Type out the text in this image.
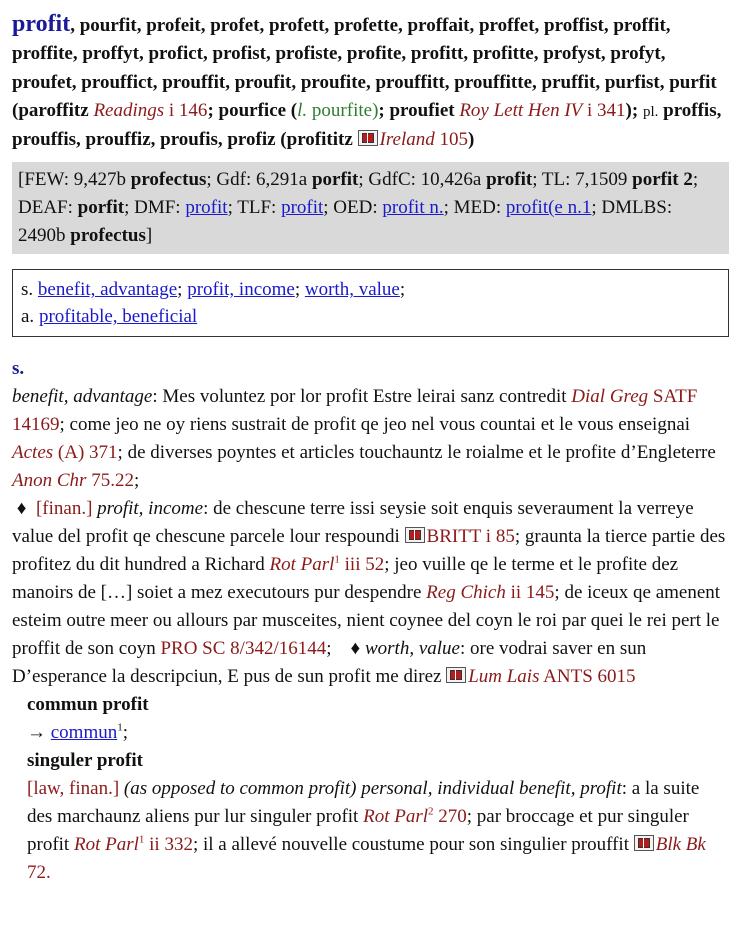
profit, pourfit, profeit, profet, profett, profette, proffait, proffet, proffist, proffit, proffite, proffyt, profict, profist, profiste, profite, profitt, profitte, profyst, profyt, proufet, prouffict, prouffit, proufit, proufite, prouffitt, prouffitte, pruffit, purfist, purfit (paroffitz Readings i 146; pourfice (l. pourfite); proufiet Roy Lett Hen IV i 341); pl. proffis, prouffis, prouffiz, proufis, profiz (profititz Ireland 105)
[FEW: 9,427b profectus; Gdf: 6,291a porfit; GdfC: 10,426a profit; TL: 7,1509 porfit 2; DEAF: porfit; DMF: profit; TLF: profit; OED: profit n.; MED: profit(e n.1; DMLBS: 2490b profectus]
s. benefit, advantage; profit, income; worth, value;
a. profitable, beneficial
s.

benefit, advantage: Mes voluntez por lor profit Estre leirai sanz contredit Dial Greg SATF 14169; come jeo ne oy riens sustrait de profit qe jeo nel vous countai et le vous enseignai Actes (A) 371; de diverses poyntes et articles touchauntz le roialme et le profite d’Engleterre Anon Chr 75.22;

♦ [finan.] profit, income: de chescune terre issi seysie soit enquis severaument la verreye value del profit qe chescune parcele lour respoundi BRITT i 85; graunta la tierce partie des profitez du dit hundred a Richard Rot Parl$^1$ iii 52; jeo vuille qe le terme et le profite dez manoirs de […] soiet a mez executours pur despendre Reg Chich ii 145; de iceux qe amenent esteim outre meer ou allours par musceites, nient coynee del coyn le roi par quei le rei pert le proffit de son coyn PRO SC 8/342/16144; ♦ worth, value: ore vodrai saver en sun D’esperance la descripciun, E pus de sun profit me direz Lum Lais ANTS 6015

commun profit
→ commun$^1$;
singuler profit
[law, finan.] (as opposed to common profit) personal, individual benefit, profit: a la suite des marchaunz aliens pur lur singuler profit Rot Parl$^2$ 270; par broccage et pur singuler profit Rot Parl$^1$ ii 332; il a allevé nouvelle coustume pour son singulier prouffit Blk Bk 72.
